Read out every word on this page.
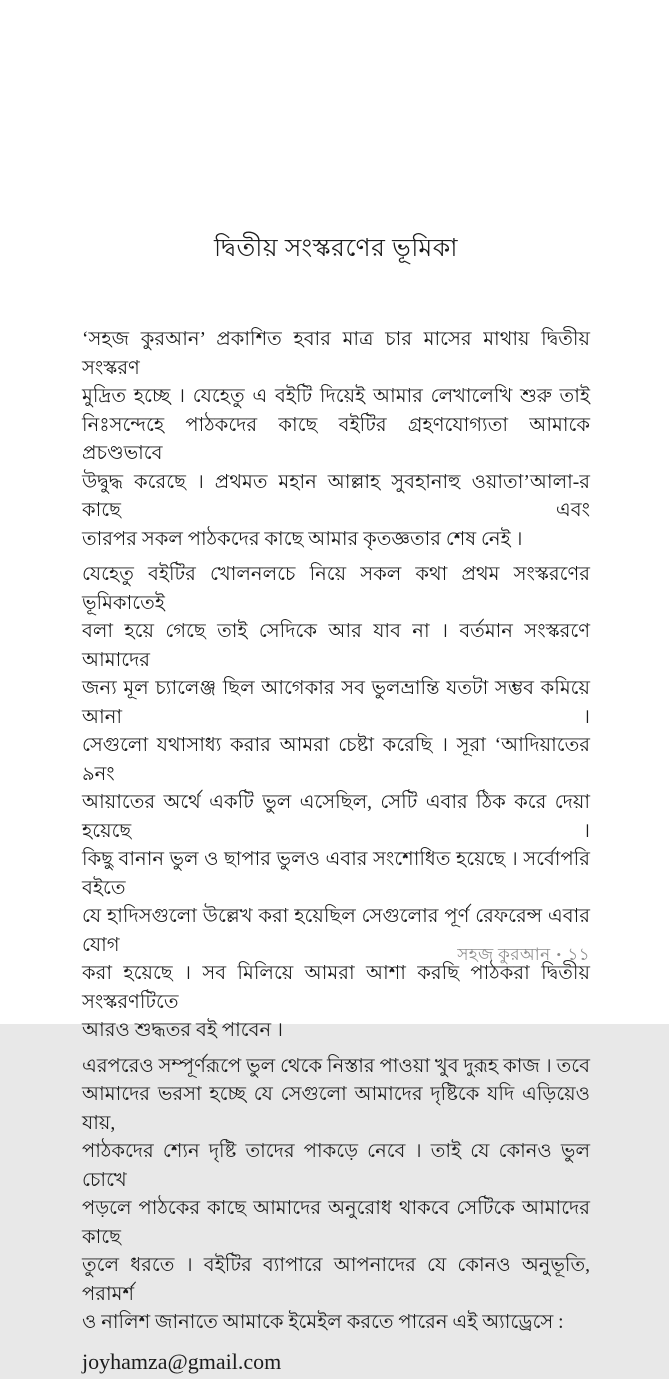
দ্বিতীয় সংস্করণের ভূমিকা
‘সহজ কুরআন’ প্রকাশিত হবার মাত্র চার মাসের মাথায় দ্বিতীয় সংস্করণ
মুদ্রিত হচ্ছে । যেহেতু এ বইটি দিয়েই আমার লেখালেখি শুরু তাই
নিঃসন্দেহে পাঠকদের কাছে বইটির গ্রহণযোগ্যতা আমাকে প্রচণ্ডভাবে
উদ্বুদ্ধ করেছে । প্রথমত মহান আল্লাহ সুবহানাহু ওয়াতা’আলা-র কাছে এবং
তারপর সকল পাঠকদের কাছে আমার কৃতজ্ঞতার শেষ নেই ।
যেহেতু বইটির খোলনলচে নিয়ে সকল কথা প্রথম সংস্করণের ভূমিকাতেই
বলা হয়ে গেছে তাই সেদিকে আর যাব না । বর্তমান সংস্করণে আমাদের
জন্য মূল চ্যালেঞ্জ ছিল আগেকার সব ভুলভ্রান্তি যতটা সম্ভব কমিয়ে আনা ।
সেগুলো যথাসাধ্য করার আমরা চেষ্টা করেছি । সূরা ‘আদিয়াতের ৯নং
আয়াতের অর্থে একটি ভুল এসেছিল, সেটি এবার ঠিক করে দেয়া হয়েছে ।
কিছু বানান ভুল ও ছাপার ভুলও এবার সংশোধিত হয়েছে । সর্বোপরি বইতে
যে হাদিসগুলো উল্লেখ করা হয়েছিল সেগুলোর পূর্ণ রেফরেন্স এবার যোগ
করা হয়েছে । সব মিলিয়ে আমরা আশা করছি পাঠকরা দ্বিতীয় সংস্করণটিতে
আরও শুদ্ধতর বই পাবেন ।
এরপরেও সম্পূর্ণরূপে ভুল থেকে নিস্তার পাওয়া খুব দুরূহ কাজ । তবে
আমাদের ভরসা হচ্ছে যে সেগুলো আমাদের দৃষ্টিকে যদি এড়িয়েও যায়,
পাঠকদের শ্যেন দৃষ্টি তাদের পাকড়ে নেবে । তাই যে কোনও ভুল চোখে
পড়লে পাঠকের কাছে আমাদের অনুরোধ থাকবে সেটিকে আমাদের কাছে
তুলে ধরতে । বইটির ব্যাপারে আপনাদের যে কোনও অনুভূতি, পরামর্শ
ও নালিশ জানাতে আমাকে ইমেইল করতে পারেন এই অ্যাড্রেসে :
joyhamza@gmail.com
সহজ কুরআন • ১১
